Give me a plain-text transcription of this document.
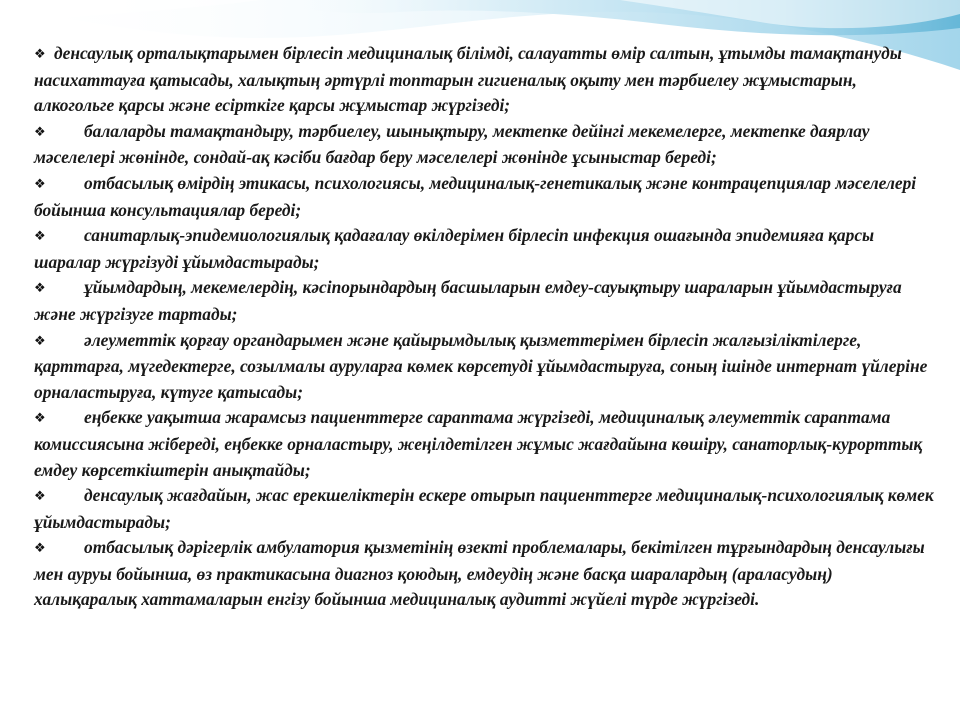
❖ денсаулық орталықтарымен бірлесіп медициналық білімді, салауатты өмір салтын, ұтымды тамақтануды насихаттауға қатысады, халықтың әртүрлі топтарын гигиеналық оқыту мен тәрбиелеу жұмыстарын, алкогольге қарсы және есірткіге қарсы жұмыстар жүргізеді;

❖ балаларды тамақтандыру, тәрбиелеу, шынықтыру, мектепке дейінгі мекемелерге, мектепке даярлау мәселелері жөнінде, сондай-ақ кәсіби бағдар беру мәселелері жөнінде ұсыныстар береді;

❖ отбасылық өмірдің этикасы, психологиясы, медициналық-генетикалық және контрацепциялар мәселелері бойынша консультациялар береді;

❖ санитарлық-эпидемиологиялық қадағалау өкілдерімен бірлесіп инфекция ошағында эпидемияға қарсы шаралар жүргізуді ұйымдастырады;

❖ ұйымдардың, мекемелердің, кәсіпорындардың басшыларын емдеу-сауықтыру шараларын ұйымдастыруға және жүргізуге тартады;

❖ әлеуметтік қорғау органдарымен және қайырымдылық қызметтерімен бірлесіп жалғызіліктілерге, қарттарға, мүгедектерге, созылмалы ауруларға көмек көрсетуді ұйымдастыруға, соның ішінде интернат үйлеріне орналастыруға, күтуге қатысады;

❖ еңбекке уақытша жарамсыз пациенттерге сараптама жүргізеді, медициналық әлеуметтік сараптама комиссиясына жібереді, еңбекке орналастыру, жеңілдетілген жұмыс жағдайына көшіру, санаторлық-курорттық емдеу көрсеткіштерін анықтайды;

❖ денсаулық жағдайын, жас ерекшеліктерін ескере отырып пациенттерге медициналық-психологиялық көмек ұйымдастырады;

❖ отбасылық дәрігерлік амбулатория қызметінің өзекті проблемалары, бекітілген тұрғындардың денсаулығы мен ауруы бойынша, өз практикасына диагноз қоюдың, емдеудің және басқа шаралардың (араласудың) халықаралық хаттамаларын енгізу бойынша медициналық аудитті жүйелі түрде жүргізеді.
